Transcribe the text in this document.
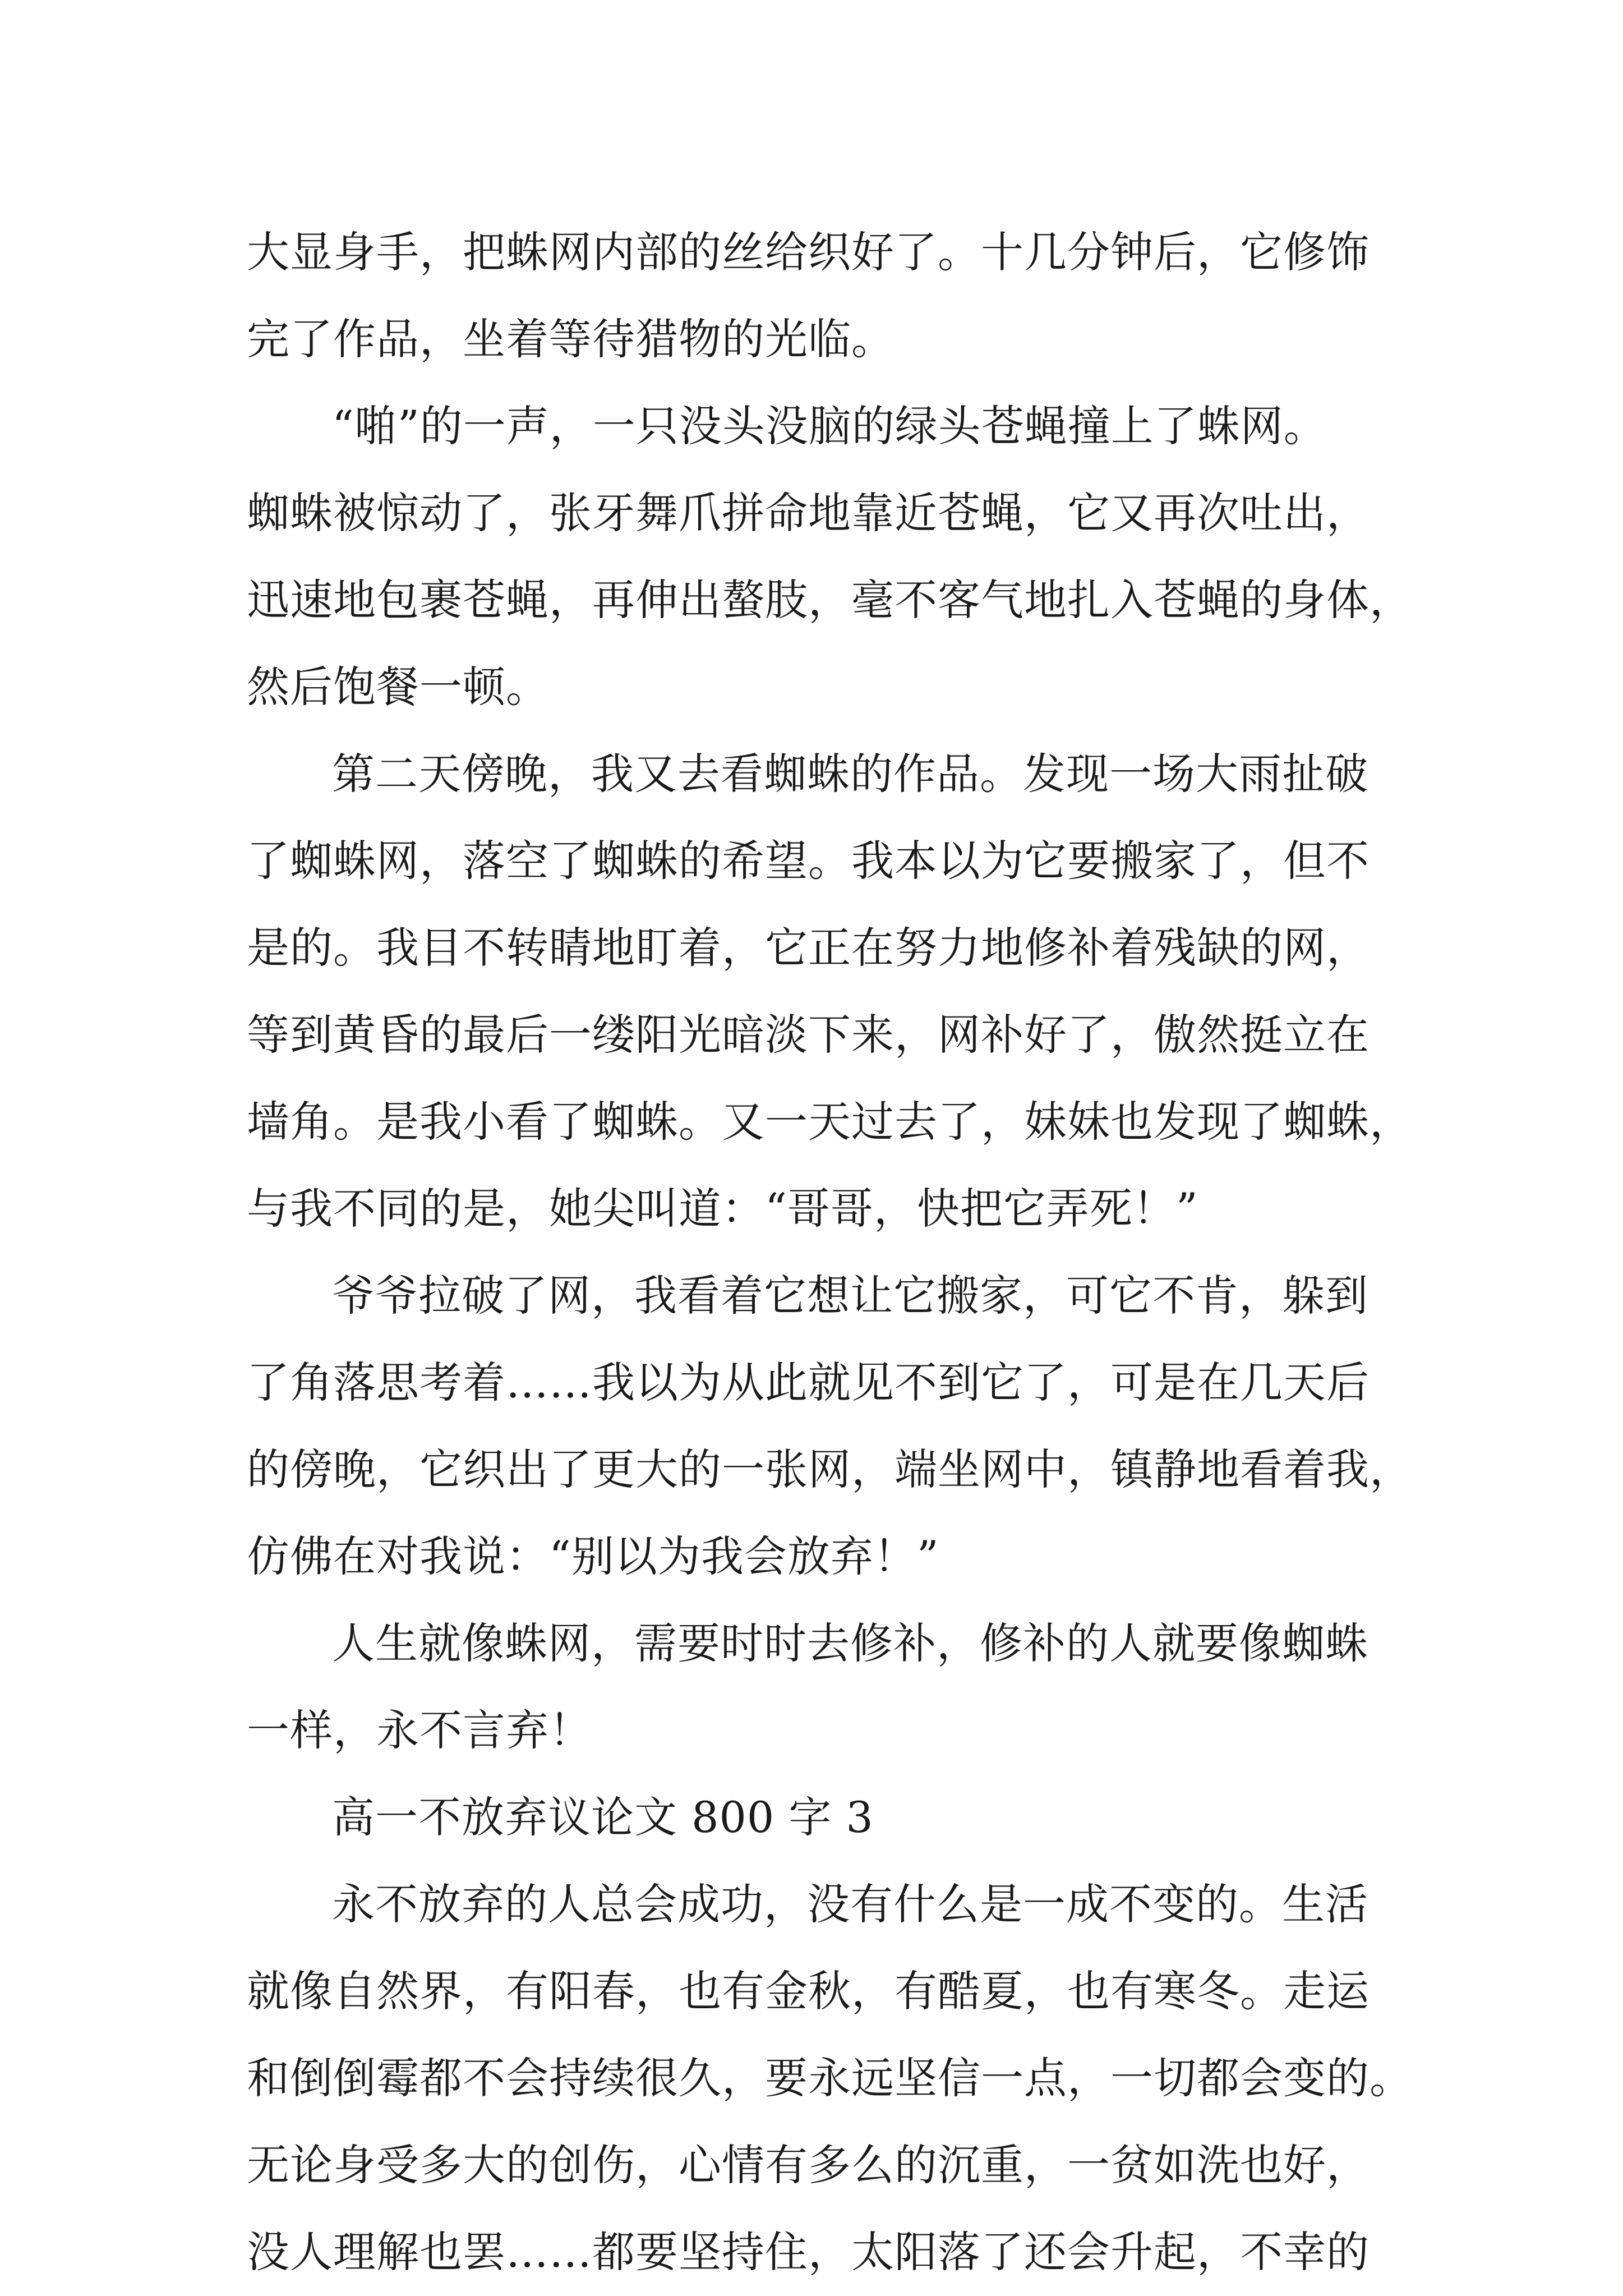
大显身手，把蛛网内部的丝给织好了。十几分钟后，它修饰
完了作品，坐着等待猎物的光临。
“啪”的一声，一只没头没脑的绿头苍蝇撞上了蛛网。
蜘蛛被惊动了，张牙舞爪拼命地靠近苍蝇，它又再次吐出，
迅速地包裹苍蝇，再伸出螯肢，毫不客气地扎入苍蝇的身体，
然后饱餐一顿。
第二天傍晚，我又去看蜘蛛的作品。发现一场大雨扯破
了蜘蛛网，落空了蜘蛛的希望。我本以为它要搬家了，但不
是的。我目不转睛地盯着，它正在努力地修补着残缺的网，
等到黄昏的最后一缕阳光暗淡下来，网补好了，傲然挺立在
墙角。是我小看了蜘蛛。又一天过去了，妹妹也发现了蜘蛛，
与我不同的是，她尖叫道：“哥哥，快把它弄死！”
爷爷拉破了网，我看着它想让它搬家，可它不肯，躲到
了角落思考着……我以为从此就见不到它了，可是在几天后
的傍晚，它织出了更大的一张网，端坐网中，镇静地看着我，
仿佛在对我说：“别以为我会放弃！”
人生就像蛛网，需要时时去修补，修补的人就要像蜘蛛
一样，永不言弃！
高一不放弃议论文 800 字 3
永不放弃的人总会成功，没有什么是一成不变的。生活
就像自然界，有阳春，也有金秋，有酷夏，也有寒冬。走运
和倒倒霉都不会持续很久，要永远坚信一点，一切都会变的。
无论身受多大的创伤，心情有多么的沉重，一贫如洗也好，
没人理解也罢……都要坚持住，太阳落了还会升起，不幸的
